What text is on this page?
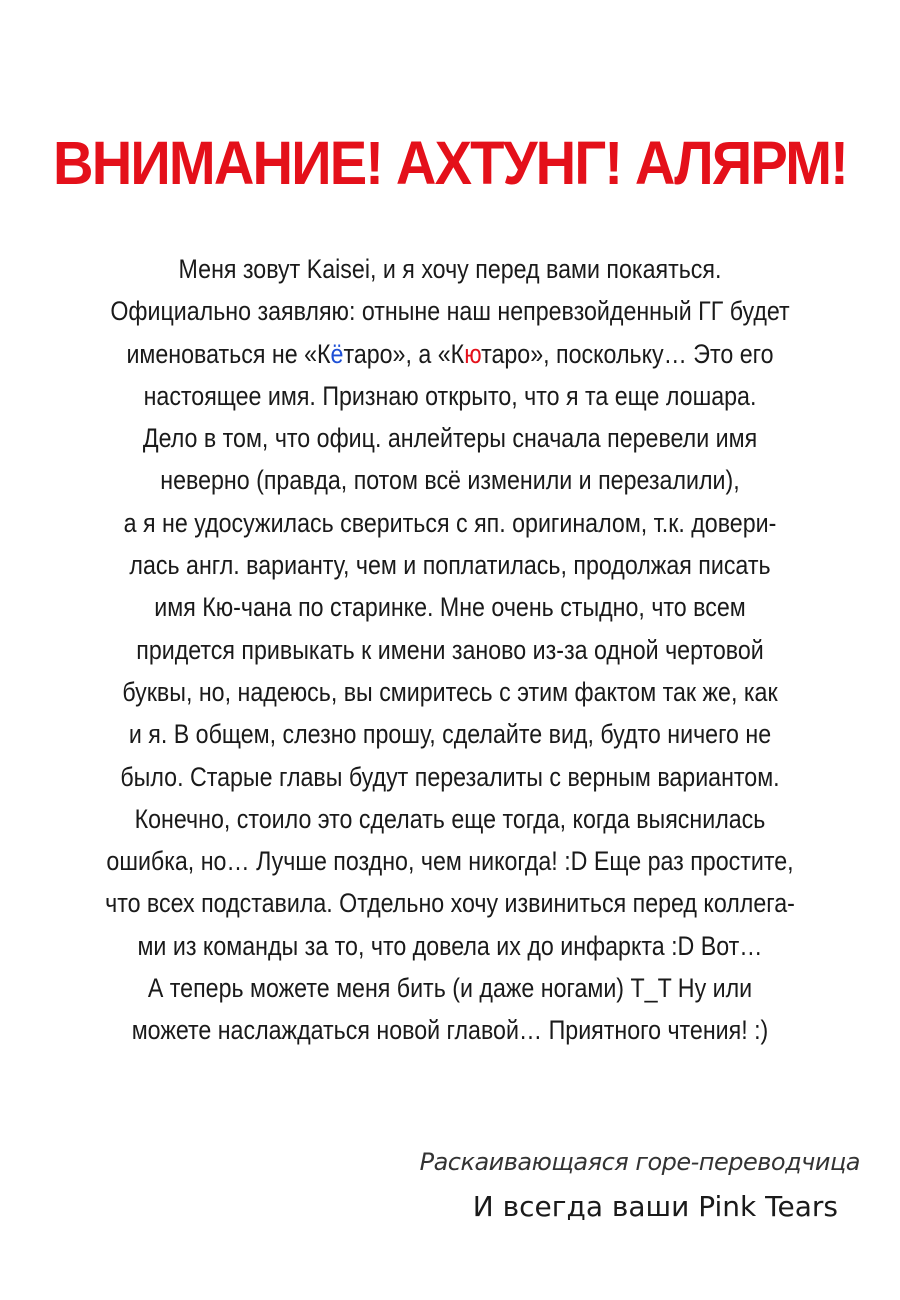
ВНИМАНИЕ! АХТУНГ! АЛЯРМ!
Меня зовут Kaisei, и я хочу перед вами покаяться.
Официально заявляю: отныне наш непревзойденный ГГ будет
именоваться не «Кётаро», а «Кютаро», поскольку… Это его
настоящее имя. Признаю открыто, что я та еще лошара.
Дело в том, что офиц. анлейтеры сначала перевели имя
неверно (правда, потом всё изменили и перезалили),
а я не удосужилась свериться с яп. оригиналом, т.к. довери-
лась англ. варианту, чем и поплатилась, продолжая писать
имя Кю-чана по старинке. Мне очень стыдно, что всем
придется привыкать к имени заново из-за одной чертовой
буквы, но, надеюсь, вы смиритесь с этим фактом так же, как
и я. В общем, слезно прошу, сделайте вид, будто ничего не
было. Старые главы будут перезалиты с верным вариантом.
Конечно, стоило это сделать еще тогда, когда выяснилась
ошибка, но… Лучше поздно, чем никогда! :D Еще раз простите,
что всех подставила. Отдельно хочу извиниться перед коллега-
ми из команды за то, что довела их до инфаркта :D Вот…
А теперь можете меня бить (и даже ногами) T_T Ну или
можете наслаждаться новой главой… Приятного чтения! :)
Раскаивающаяся горе-переводчица
И всегда ваши Pink Tears
